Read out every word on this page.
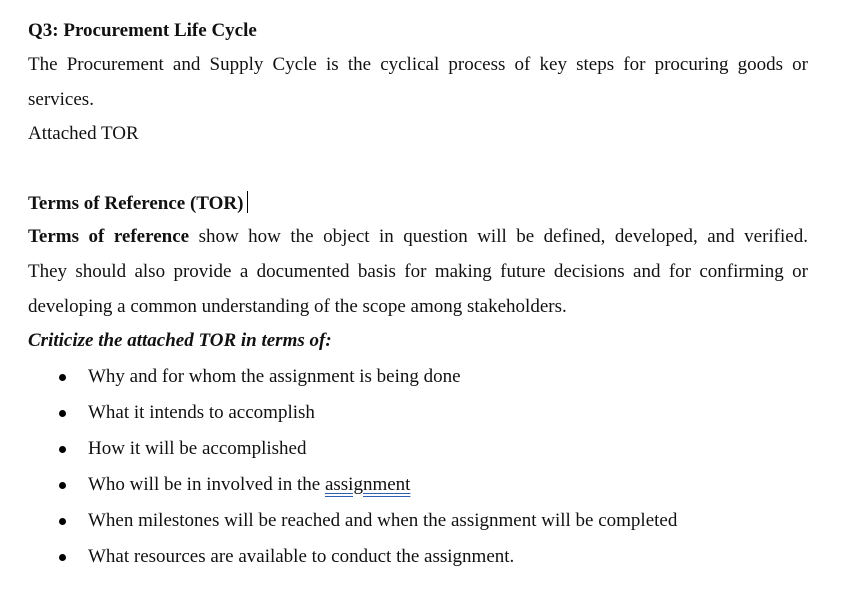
Q3: Procurement Life Cycle
The Procurement and Supply Cycle is the cyclical process of key steps for procuring goods or
services.
Attached TOR
Terms of Reference (TOR)
Terms of reference show how the object in question will be defined, developed, and verified.
They should also provide a documented basis for making future decisions and for confirming or
developing a common understanding of the scope among stakeholders.
Criticize the attached TOR in terms of:
Why and for whom the assignment is being done
What it intends to accomplish
How it will be accomplished
Who will be in involved in the assignment
When milestones will be reached and when the assignment will be completed
What resources are available to conduct the assignment.
